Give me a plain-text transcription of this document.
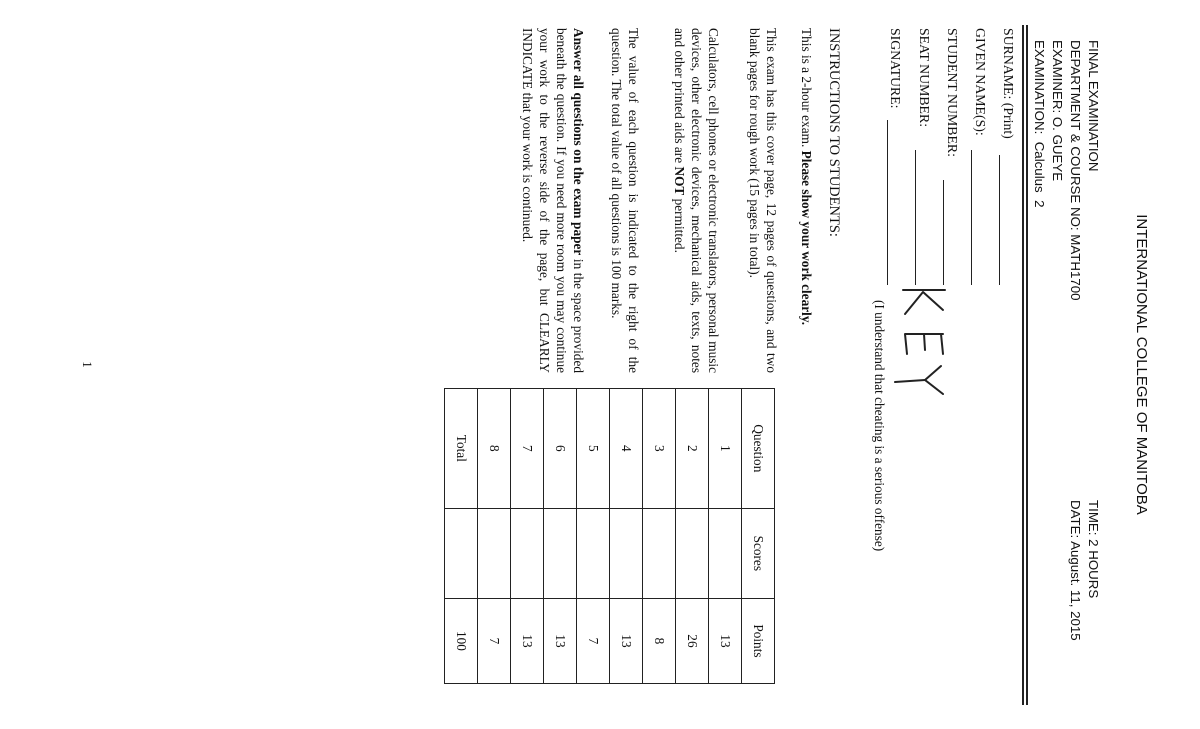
INTERNATIONAL COLLEGE OF MANITOBA
FINAL EXAMINATION
DEPARTMENT & COURSE NO: MATH1700
EXAMINER: O. GUEYE
EXAMINATION:  Calculus  2
TIME: 2 HOURS
DATE: August. 11, 2015
SURNAME: (Print)
GIVEN NAME(S):
STUDENT NUMBER:
SEAT NUMBER:
SIGNATURE:
(I understand that cheating is a serious offense)
INSTRUCTIONS TO STUDENTS:
This is a 2-hour exam. Please show your work clearly.
This exam has this cover page, 12 pages of questions, and two blank pages for rough work (15 pages in total).
Calculators, cell phones or electronic translators, personal music devices, other electronic devices, mechanical aids, texts, notes and other printed aids are NOT permitted.
The value of each question is indicated to the right of the question. The total value of all questions is 100 marks.
Answer all questions on the exam paper in the space provided beneath the question. If you need more room you may continue your work to the reverse side of the page, but CLEARLY INDICATE that your work is continued.
Question	Scores	Points
1		13
2		26
3		8
4		13
5		7
6		13
7		13
8		7
Total		100
1
